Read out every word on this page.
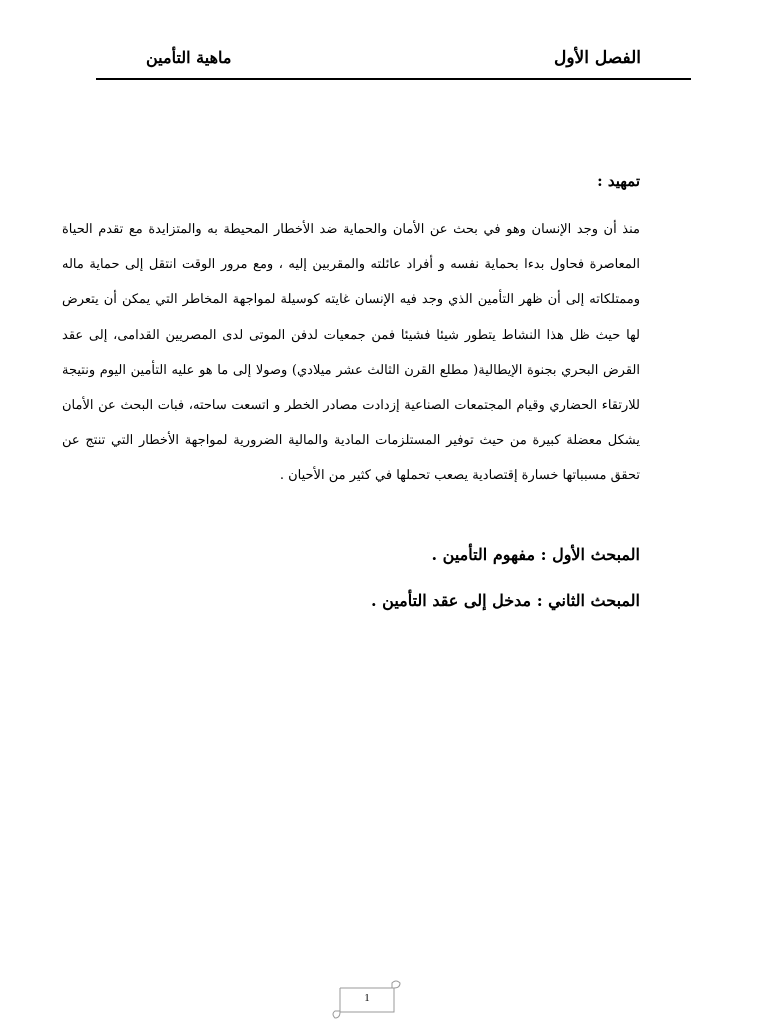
الفصل الأول
ماهية التأمين
تمهيد :
منذ أن وجد الإنسان وهو في بحث عن الأمان والحماية ضد الأخطار المحيطة به والمتزايدة مع تقدم الحياة المعاصرة فحاول بدءا بحماية نفسه و أفراد عائلته والمقربين إليه ، ومع مرور الوقت انتقل إلى حماية ماله وممتلكاته إلى أن ظهر التأمين الذي وجد فيه الإنسان غايته كوسيلة لمواجهة المخاطر التي يمكن أن يتعرض لها حيث ظل هذا النشاط يتطور شيئا فشيئا فمن جمعيات لدفن الموتى لدى المصريين القدامى، إلى عقد القرض البحري بجنوة الإيطالية( مطلع القرن الثالث عشر ميلادي) وصولا إلى ما هو عليه التأمين اليوم ونتيجة للارتقاء الحضاري وقيام المجتمعات الصناعية إزدادت مصادر الخطر و اتسعت ساحته، فبات البحث عن الأمان يشكل معضلة كبيرة من حيث توفير المستلزمات المادية والمالية الضرورية لمواجهة الأخطار التي تنتج عن تحقق مسبباتها خسارة إقتصادية يصعب تحملها في كثير من الأحيان .
المبحث الأول : مفهوم التأمين .
المبحث الثاني : مدخل إلى عقد التأمين .
1
